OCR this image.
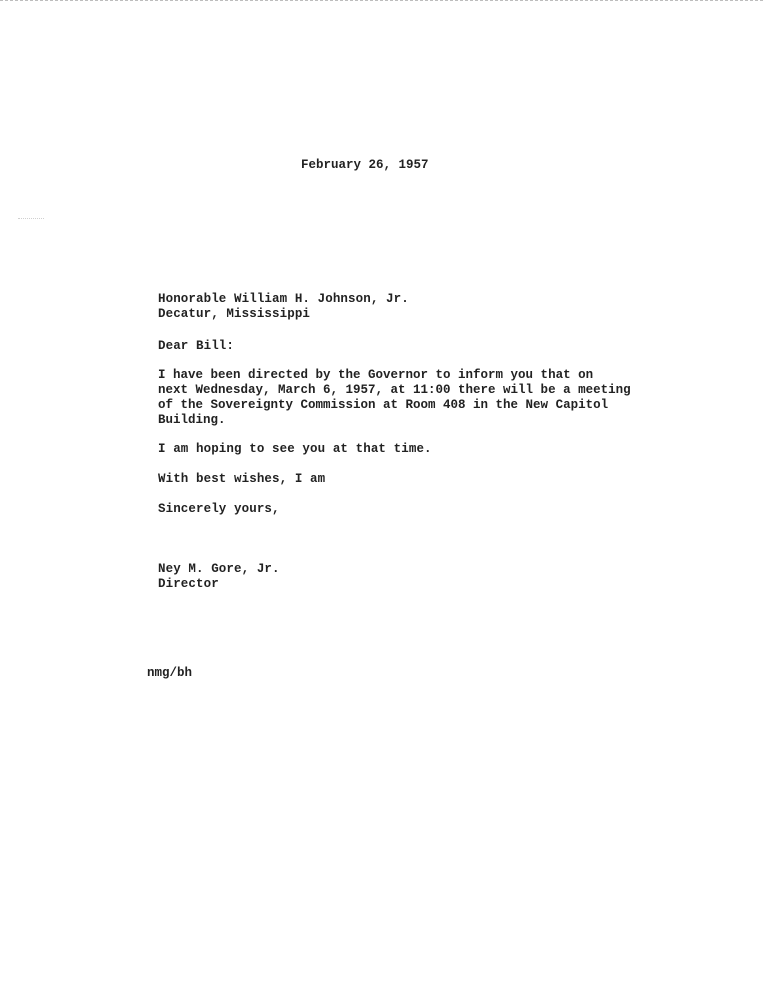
February 26, 1957
Honorable William H. Johnson, Jr.
Decatur, Mississippi
Dear Bill:

I have been directed by the Governor to inform you that on
next Wednesday, March 6, 1957, at 11:00 there will be a meeting
of the Sovereignty Commission at Room 408 in the New Capitol
Building.

I am hoping to see you at that time.
With best wishes, I am
Sincerely yours,
Ney M. Gore, Jr.
Director
nmg/bh
